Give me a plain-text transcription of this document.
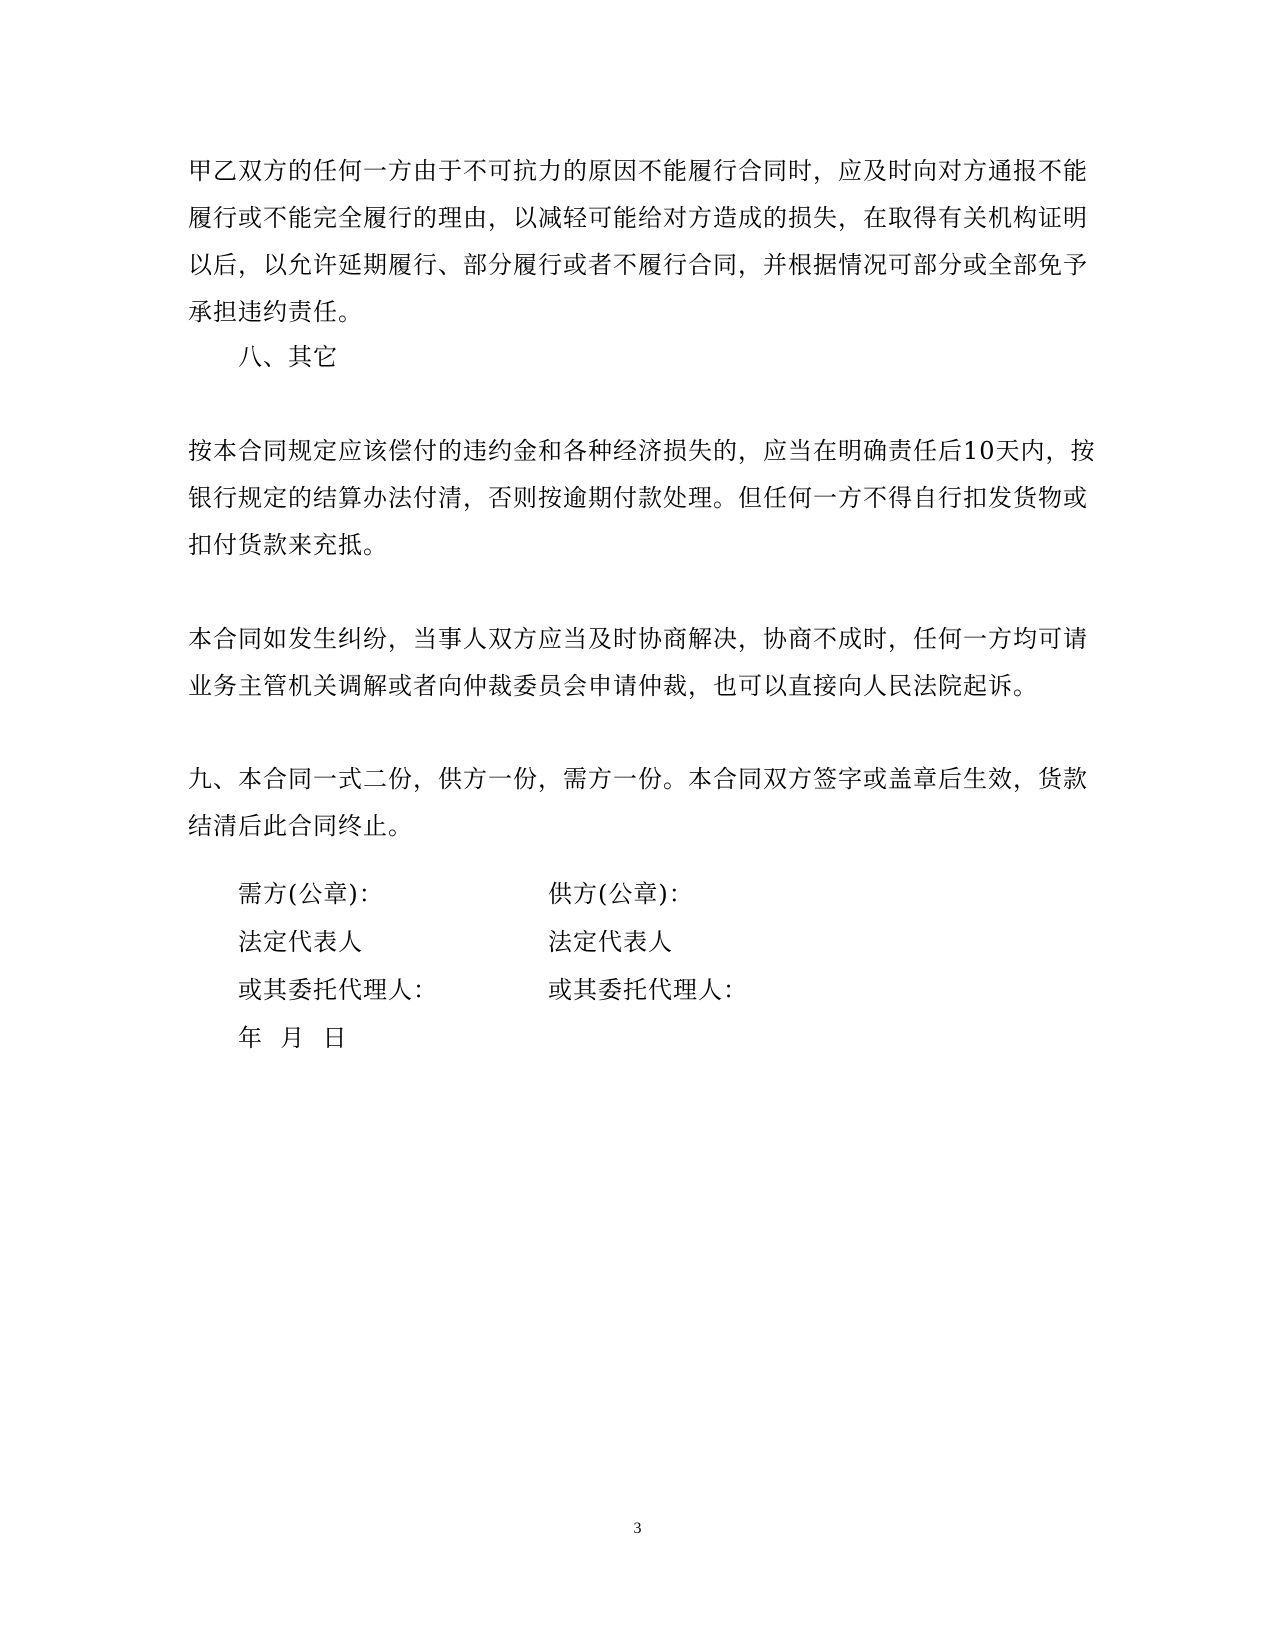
甲乙双方的任何一方由于不可抗力的原因不能履行合同时，应及时向对方通报不能
履行或不能完全履行的理由，以减轻可能给对方造成的损失，在取得有关机构证明
以后，以允许延期履行、部分履行或者不履行合同，并根据情况可部分或全部免予
承担违约责任。
八、其它
按本合同规定应该偿付的违约金和各种经济损失的，应当在明确责任后10天内，按
银行规定的结算办法付清，否则按逾期付款处理。但任何一方不得自行扣发货物或
扣付货款来充抵。
本合同如发生纠纷，当事人双方应当及时协商解决，协商不成时，任何一方均可请
业务主管机关调解或者向仲裁委员会申请仲裁，也可以直接向人民法院起诉。
九、本合同一式二份，供方一份，需方一份。本合同双方签字或盖章后生效，货款
结清后此合同终止。
需方(公章)：	供方(公章)：
法定代表人	法定代表人
或其委托代理人：	或其委托代理人：
年  月  日
3
